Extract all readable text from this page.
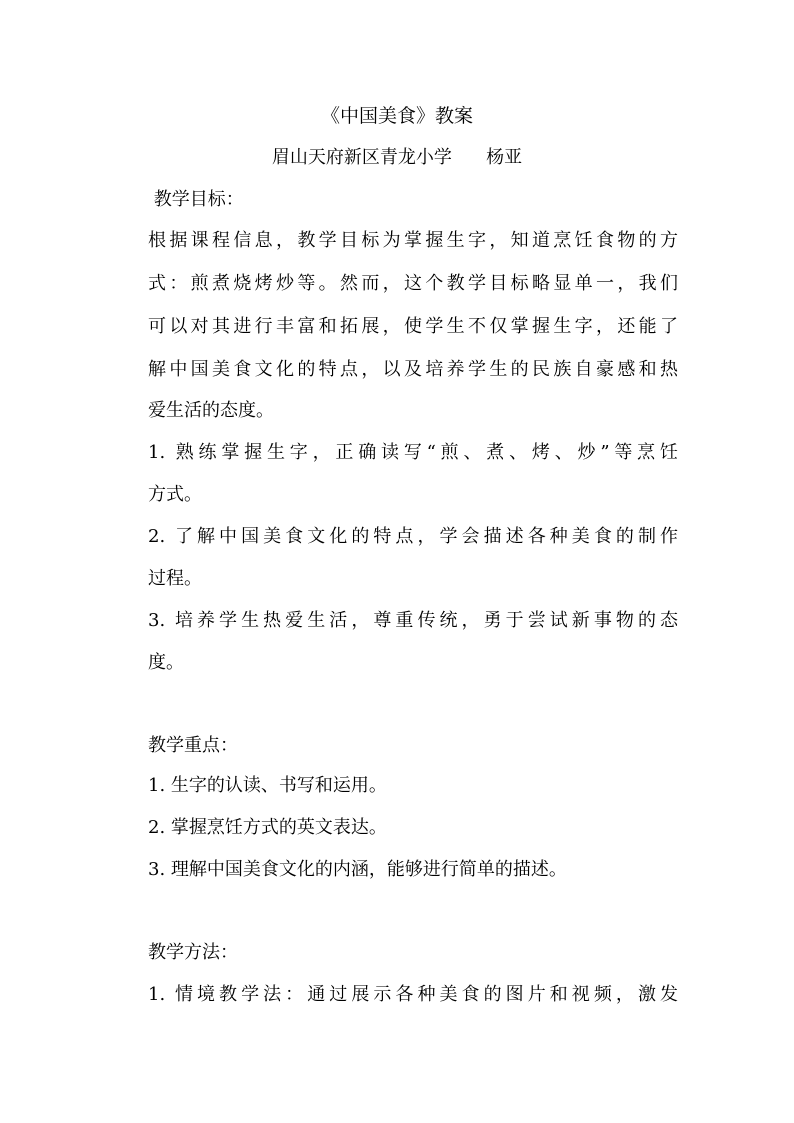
《中国美食》教案
眉山天府新区青龙小学      杨亚
教学目标：
根据课程信息，教学目标为掌握生字，知道烹饪食物的方
式：煎煮烧烤炒等。然而，这个教学目标略显单一，我们
可以对其进行丰富和拓展，使学生不仅掌握生字，还能了
解中国美食文化的特点，以及培养学生的民族自豪感和热
爱生活的态度。
1. 熟练掌握生字，正确读写“煎、煮、烤、炒”等烹饪
方式。
2. 了解中国美食文化的特点，学会描述各种美食的制作
过程。
3. 培养学生热爱生活，尊重传统，勇于尝试新事物的态
度。
教学重点：
1. 生字的认读、书写和运用。
2. 掌握烹饪方式的英文表达。
3. 理解中国美食文化的内涵，能够进行简单的描述。
教学方法：
1. 情境教学法：通过展示各种美食的图片和视频，激发
